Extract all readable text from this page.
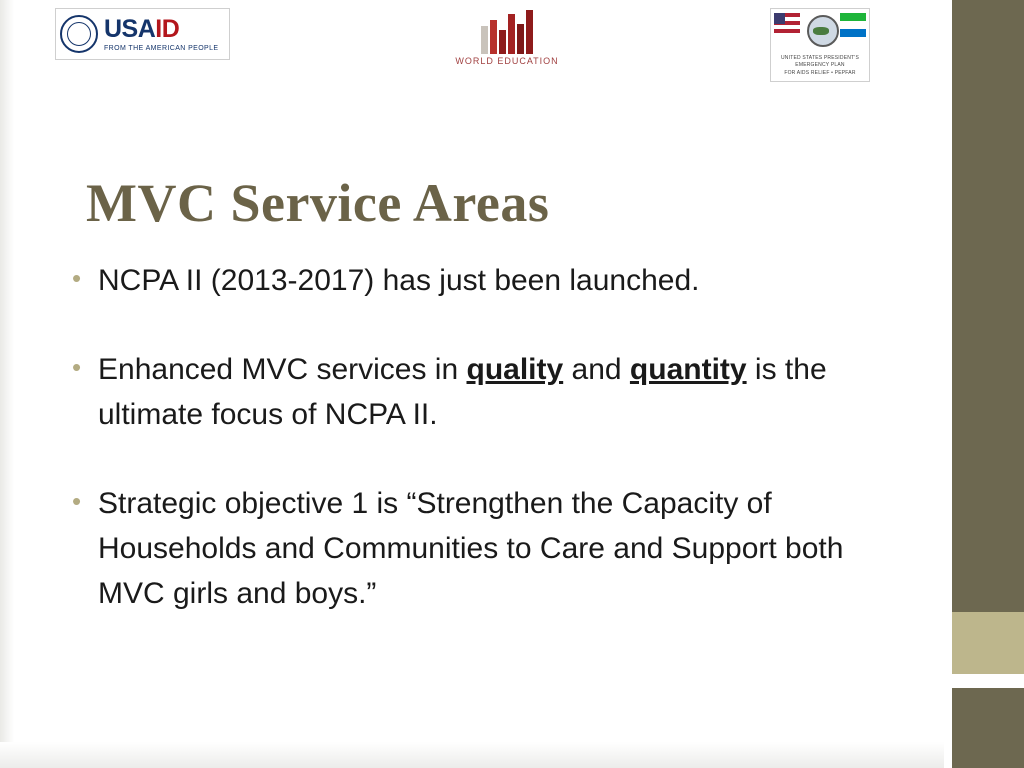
USAID
FROM THE AMERICAN PEOPLE
WORLD EDUCATION	UNITED STATES PRESIDENT'S EMERGENCY PLAN
FOR AIDS RELIEF • PEPFAR
MVC Service Areas
• NCPA II (2013-2017) has just been launched.
• Enhanced MVC services in quality and quantity is the ultimate focus of NCPA II.
• Strategic objective 1 is “Strengthen the Capacity of Households and Communities to Care and Support both MVC girls and boys.”
